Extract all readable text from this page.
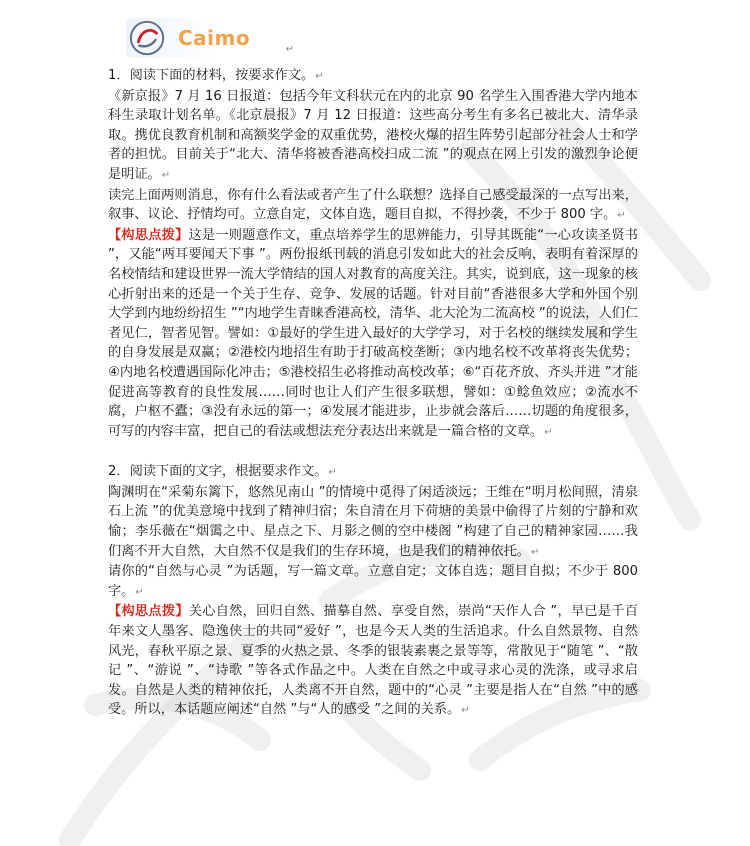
Caimo	↵

1．阅读下面的材料，按要求作文。↵

《新京报》7 月 16 日报道：包括今年文科状元在内的北京 90 名学生入围香港大学内地本科生录取计划名单。《北京晨报》7 月 12 日报道：这些高分考生有多名已被北大、清华录取。携优良教育机制和高额奖学金的双重优势，港校火爆的招生阵势引起部分社会人士和学者的担忧。目前关于“北大、清华将被香港高校扫成二流 ”的观点在网上引发的激烈争论便是明证。↵

读完上面两则消息，你有什么看法或者产生了什么联想？选择自己感受最深的一点写出来，叙事、议论、抒情均可。立意自定，文体自选，题目自拟，不得抄袭，不少于 800 字。↵

【构思点拨】这是一则题意作文，重点培养学生的思辨能力，引导其既能“一心攻读圣贤书 ”，又能“两耳要闻天下事 ”。两份报纸刊载的消息引发如此大的社会反响，表明有着深厚的名校情结和建设世界一流大学情结的国人对教育的高度关注。其实，说到底，这一现象的核心折射出来的还是一个关于生存、竞争、发展的话题。针对目前“香港很多大学和外国个别大学到内地纷纷招生 ”“内地学生青睐香港高校，清华、北大沦为二流高校 ”的说法，人们仁者见仁，智者见智。譬如：①最好的学生进入最好的大学学习，对于名校的继续发展和学生的自身发展是双赢；②港校内地招生有助于打破高校垄断；③内地名校不改革将丧失优势；④内地名校遭遇国际化冲击；⑤港校招生必将推动高校改革；⑥“百花齐放、齐头并进 ”才能促进高等教育的良性发展……同时也让人们产生很多联想，譬如：①鲶鱼效应；②流水不腐，户枢不蠹；③没有永远的第一；④发展才能进步，止步就会落后……切题的角度很多，可写的内容丰富，把自己的看法或想法充分表达出来就是一篇合格的文章。↵

2．阅读下面的文字，根据要求作文。↵

陶渊明在“采菊东篱下，悠然见南山 ”的情境中觅得了闲适淡远；王维在“明月松间照，清泉石上流 ”的优美意境中找到了精神归宿；朱自清在月下荷塘的美景中偷得了片刻的宁静和欢愉；李乐薇在“烟霭之中、星点之下、月影之侧的空中楼阁 ”构建了自己的精神家园……我们离不开大自然，大自然不仅是我们的生存环境，也是我们的精神依托。↵

请你的“自然与心灵 ”为话题，写一篇文章。立意自定；文体自选；题目自拟；不少于 800 字。↵

【构思点拨】关心自然，回归自然、描摹自然、享受自然，崇尚“天作人合 ”，早已是千百年来文人墨客、隐逸侠士的共同“爱好 ”，也是今天人类的生活追求。什么自然景物、自然风光，春秋平原之景、夏季的火热之景、冬季的银装素裹之景等等，常散见于“随笔 ”、“散记 ”、“游说 ”、“诗歌 ”等各式作品之中。人类在自然之中或寻求心灵的洗涤，或寻求启发。自然是人类的精神依托，人类离不开自然，题中的“心灵 ”主要是指人在“自然 ”中的感受。所以，本话题应阐述“自然 ”与“人的感受 ”之间的关系。↵
